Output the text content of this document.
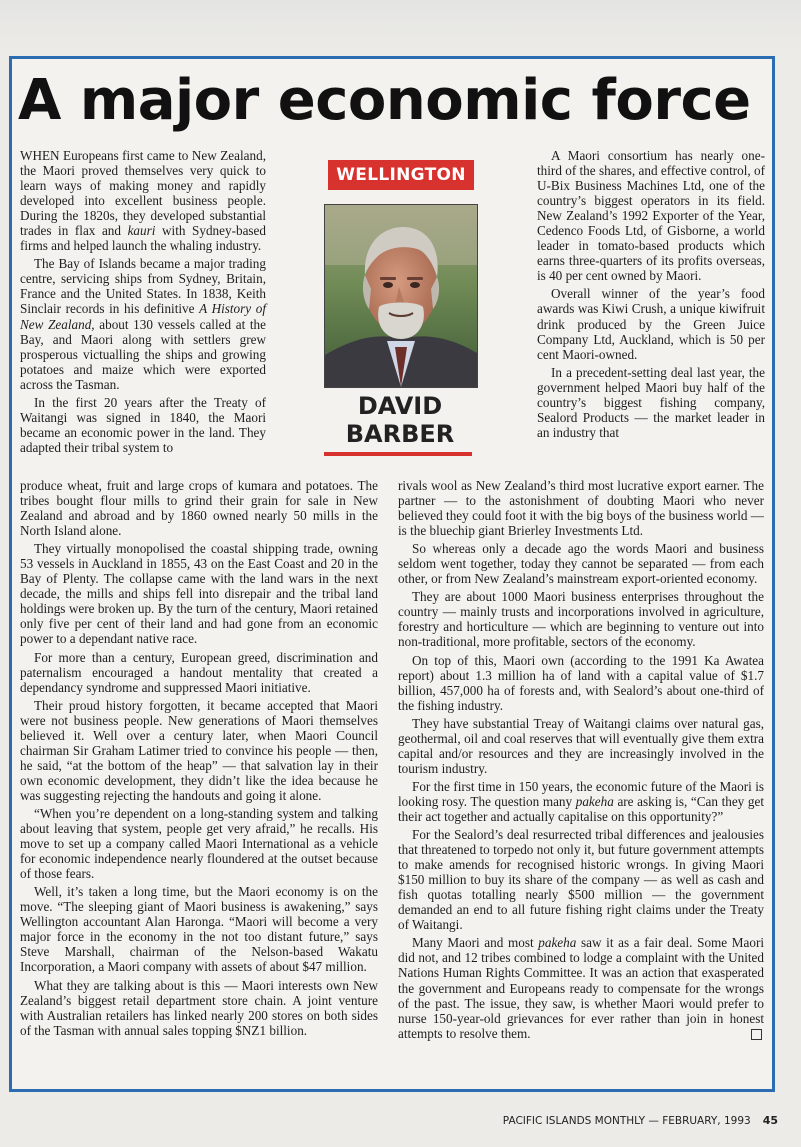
A major economic force

WHEN Europeans first came to New Zealand, the Maori proved themselves very quick to learn ways of making money and rapidly developed into excellent business people. During the 1820s, they developed substantial trades in flax and kauri with Sydney-based firms and helped launch the whaling industry.

The Bay of Islands became a major trading centre, servicing ships from Sydney, Britain, France and the United States. In 1838, Keith Sinclair records in his definitive A History of New Zealand, about 130 vessels called at the Bay, and Maori along with settlers grew prosperous victualling the ships and growing potatoes and maize which were exported across the Tasman.

In the first 20 years after the Treaty of Waitangi was signed in 1840, the Maori became an economic power in the land. They adapted their tribal system to

WELLINGTON
DAVID
BARBER

A Maori consortium has nearly one-third of the shares, and effective control, of U-Bix Business Machines Ltd, one of the country’s biggest operators in its field. New Zealand’s 1992 Exporter of the Year, Cedenco Foods Ltd, of Gisborne, a world leader in tomato-based products which earns three-quarters of its profits overseas, is 40 per cent owned by Maori.

Overall winner of the year’s food awards was Kiwi Crush, a unique kiwifruit drink produced by the Green Juice Company Ltd, Auckland, which is 50 per cent Maori-owned.

In a precedent-setting deal last year, the government helped Maori buy half of the country’s biggest fishing company, Sealord Products — the market leader in an industry that

produce wheat, fruit and large crops of kumara and potatoes. The tribes bought flour mills to grind their grain for sale in New Zealand and abroad and by 1860 owned nearly 50 mills in the North Island alone.

They virtually monopolised the coastal shipping trade, owning 53 vessels in Auckland in 1855, 43 on the East Coast and 20 in the Bay of Plenty. The collapse came with the land wars in the next decade, the mills and ships fell into disrepair and the tribal land holdings were broken up. By the turn of the century, Maori retained only five per cent of their land and had gone from an economic power to a dependant native race.

For more than a century, European greed, discrimination and paternalism encouraged a handout mentality that created a dependancy syndrome and suppressed Maori initiative.

Their proud history forgotten, it became accepted that Maori were not business people. New generations of Maori themselves believed it. Well over a century later, when Maori Council chairman Sir Graham Latimer tried to convince his people — then, he said, “at the bottom of the heap” — that salvation lay in their own economic development, they didn’t like the idea because he was suggesting rejecting the handouts and going it alone.

“When you’re dependent on a long-standing system and talking about leaving that system, people get very afraid,” he recalls. His move to set up a company called Maori International as a vehicle for economic independence nearly floundered at the outset because of those fears.

Well, it’s taken a long time, but the Maori economy is on the move. “The sleeping giant of Maori business is awakening,” says Wellington accountant Alan Haronga. “Maori will become a very major force in the economy in the not too distant future,” says Steve Marshall, chairman of the Nelson-based Wakatu Incorporation, a Maori company with assets of about $47 million.

What they are talking about is this — Maori interests own New Zealand’s biggest retail department store chain. A joint venture with Australian retailers has linked nearly 200 stores on both sides of the Tasman with annual sales topping $NZ1 billion.

rivals wool as New Zealand’s third most lucrative export earner. The partner — to the astonishment of doubting Maori who never believed they could foot it with the big boys of the business world — is the bluechip giant Brierley Investments Ltd.

So whereas only a decade ago the words Maori and business seldom went together, today they cannot be separated — from each other, or from New Zealand’s mainstream export-oriented economy.

They are about 1000 Maori business enterprises throughout the country — mainly trusts and incorporations involved in agriculture, forestry and horticulture — which are beginning to venture out into non-traditional, more profitable, sectors of the economy.

On top of this, Maori own (according to the 1991 Ka Awatea report) about 1.3 million ha of land with a capital value of $1.7 billion, 457,000 ha of forests and, with Sealord’s about one-third of the fishing industry.

They have substantial Treay of Waitangi claims over natural gas, geothermal, oil and coal reserves that will eventually give them extra capital and/or resources and they are increasingly involved in the tourism industry.

For the first time in 150 years, the economic future of the Maori is looking rosy. The question many pakeha are asking is, “Can they get their act together and actually capitalise on this opportunity?”

For the Sealord’s deal resurrected tribal differences and jealousies that threatened to torpedo not only it, but future government attempts to make amends for recognised historic wrongs. In giving Maori $150 million to buy its share of the company — as well as cash and fish quotas totalling nearly $500 million — the government demanded an end to all future fishing right claims under the Treaty of Waitangi.

Many Maori and most pakeha saw it as a fair deal. Some Maori did not, and 12 tribes combined to lodge a complaint with the United Nations Human Rights Committee. It was an action that exasperated the government and Europeans ready to compensate for the wrongs of the past. The issue, they saw, is whether Maori would prefer to nurse 150-year-old grievances for ever rather than join in honest attempts to resolve them.

PACIFIC ISLANDS MONTHLY — FEBRUARY, 1993 45
